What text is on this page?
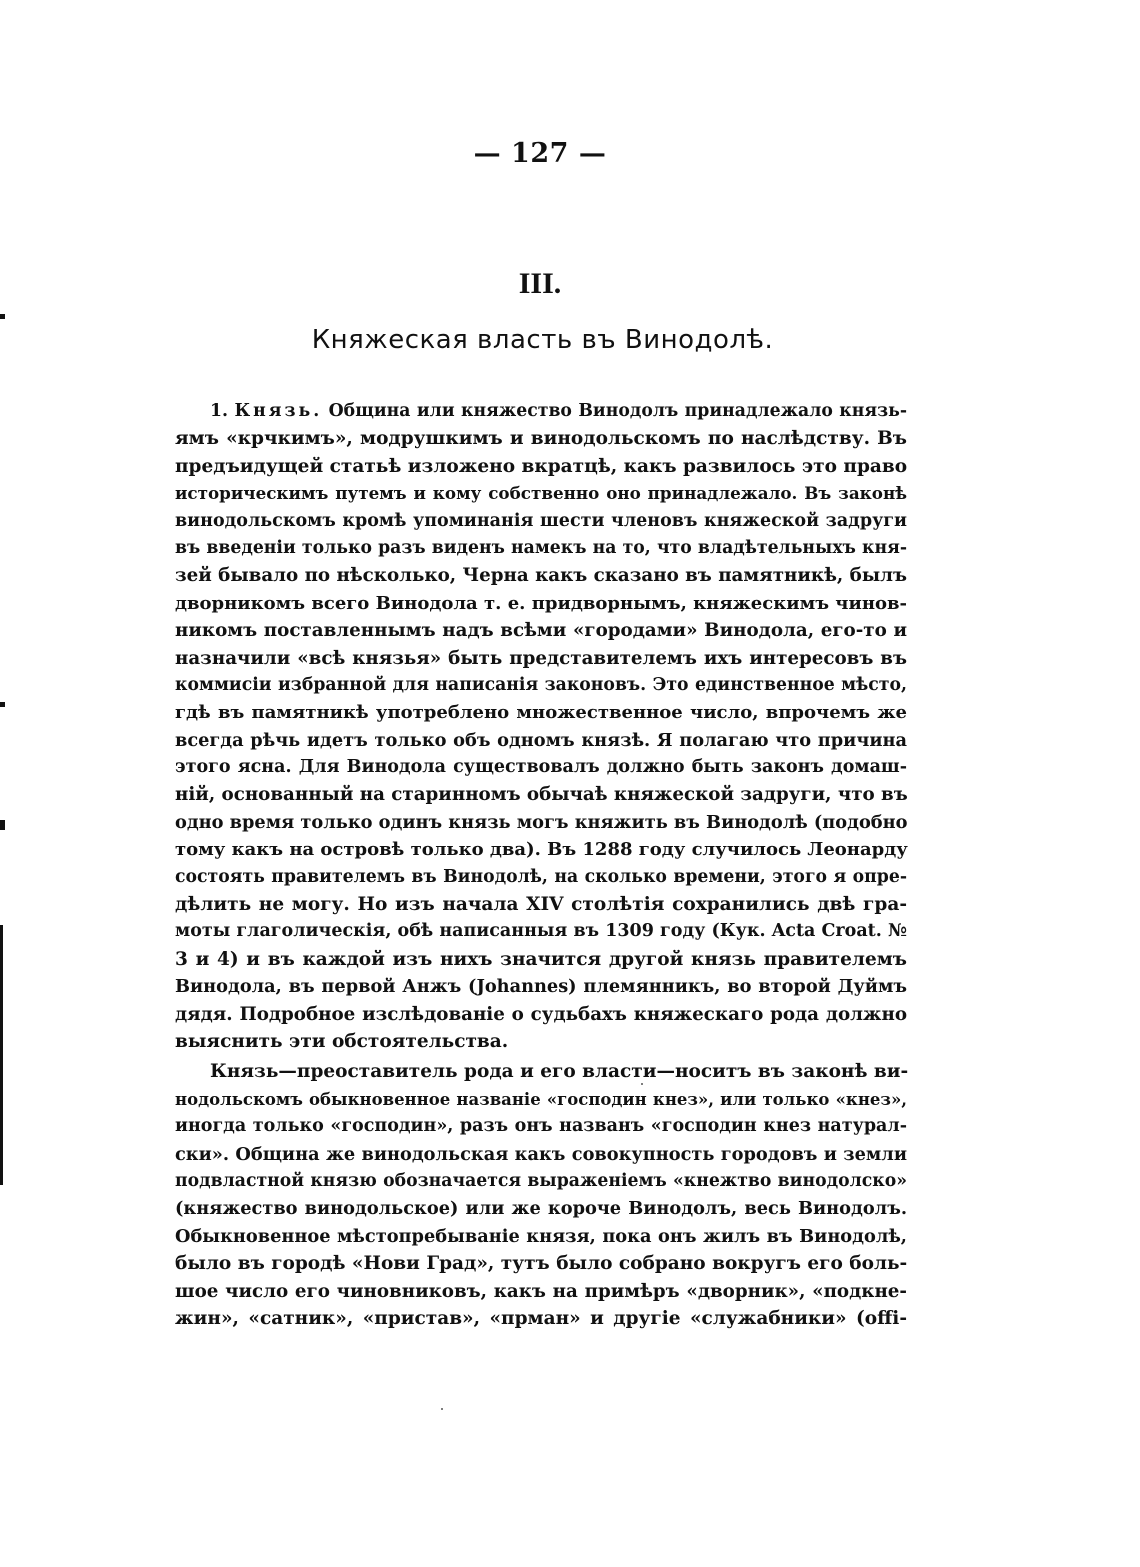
— 127 —
III.
Княжеская власть въ Винодолѣ.
1. Князь. Община или княжество Винодолъ принадлежало князь-
ямъ «крчкимъ», модрушкимъ и винодольскомъ по наслѣдству. Въ
предъидущей статьѣ изложено вкратцѣ, какъ развилось это право
историческимъ путемъ и кому собственно оно принадлежало. Въ законѣ
винодольскомъ кромѣ упоминанія шести членовъ княжеской задруги
въ введеніи только разъ виденъ намекъ на то, что владѣтельныхъ кня-
зей бывало по нѣсколько, Черна какъ сказано въ памятникѣ, былъ
дворникомъ всего Винодола т. е. придворнымъ, княжескимъ чинов-
никомъ поставленнымъ надъ всѣми «городами» Винодола, его-то и
назначили «всѣ князья» быть представителемъ ихъ интересовъ въ
коммисіи избранной для написанія законовъ. Это единственное мѣсто,
гдѣ въ памятникѣ употреблено множественное число, впрочемъ же
всегда рѣчь идетъ только объ одномъ князѣ. Я полагаю что причина
этого ясна. Для Винодола существовалъ должно быть законъ домаш-
ній, основанный на старинномъ обычаѣ княжеской задруги, что въ
одно время только одинъ князь могъ княжить въ Винодолѣ (подобно
тому какъ на островѣ только два). Въ 1288 году случилось Леонарду
состоять правителемъ въ Винодолѣ, на сколько времени, этого я опре-
дѣлить не могу. Но изъ начала XIV столѣтія сохранились двѣ гра-
моты глаголическія, обѣ написанныя въ 1309 году (Кук. Acta Croat. №
3 и 4) и въ каждой изъ нихъ значится другой князь правителемъ
Винодола, въ первой Анжъ (Johannes) племянникъ, во второй Дуймъ
дядя. Подробное изслѣдованіе о судьбахъ княжескаго рода должно
выяснить эти обстоятельства.
Князь—преоставитель рода и его власти—носитъ въ законѣ ви-
нодольскомъ обыкновенное названіе «господин кнез», или только «кнез»,
иногда только «господин», разъ онъ названъ «господин кнез натурал-
ски». Община же винодольская какъ совокупность городовъ и земли
подвластной князю обозначается выраженіемъ «кнежтво винодолско»
(княжество винодольское) или же короче Винодолъ, весь Винодолъ.
Обыкновенное мѣстопребываніе князя, пока онъ жилъ въ Винодолѣ,
было въ городѣ «Нови Град», тутъ было собрано вокругъ его боль-
шое число его чиновниковъ, какъ на примѣръ «дворник», «подкне-
жин», «сатник», «пристав», «прман» и другіе «служабники» (offi-
